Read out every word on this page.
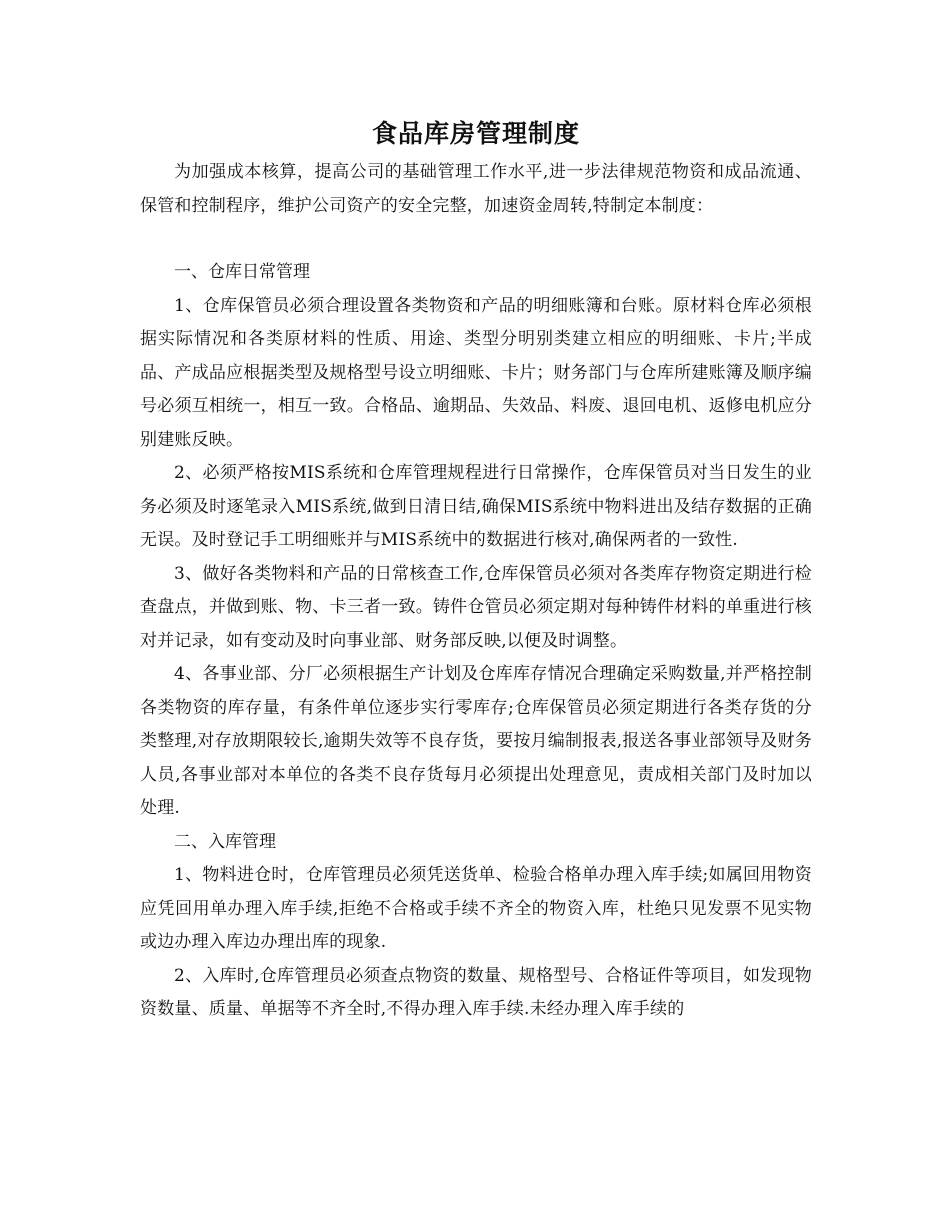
食品库房管理制度

为加强成本核算，提高公司的基础管理工作水平,进一步法律规范物资和成品流通、保管和控制程序，维护公司资产的安全完整，加速资金周转,特制定本制度：

一、仓库日常管理

1、仓库保管员必须合理设置各类物资和产品的明细账簿和台账。原材料仓库必须根据实际情况和各类原材料的性质、用途、类型分明别类建立相应的明细账、卡片;半成品、产成品应根据类型及规格型号设立明细账、卡片；财务部门与仓库所建账簿及顺序编号必须互相统一，相互一致。合格品、逾期品、失效品、料废、退回电机、返修电机应分别建账反映。

2、必须严格按MIS系统和仓库管理规程进行日常操作，仓库保管员对当日发生的业务必须及时逐笔录入MIS系统,做到日清日结,确保MIS系统中物料进出及结存数据的正确无误。及时登记手工明细账并与MIS系统中的数据进行核对,确保两者的一致性.

3、做好各类物料和产品的日常核查工作,仓库保管员必须对各类库存物资定期进行检查盘点，并做到账、物、卡三者一致。铸件仓管员必须定期对每种铸件材料的单重进行核对并记录，如有变动及时向事业部、财务部反映,以便及时调整。

4、各事业部、分厂必须根据生产计划及仓库库存情况合理确定采购数量,并严格控制各类物资的库存量，有条件单位逐步实行零库存;仓库保管员必须定期进行各类存货的分类整理,对存放期限较长,逾期失效等不良存货，要按月编制报表,报送各事业部领导及财务人员,各事业部对本单位的各类不良存货每月必须提出处理意见，责成相关部门及时加以处理.

二、入库管理

1、物料进仓时，仓库管理员必须凭送货单、检验合格单办理入库手续;如属回用物资应凭回用单办理入库手续,拒绝不合格或手续不齐全的物资入库，杜绝只见发票不见实物或边办理入库边办理出库的现象.

2、入库时,仓库管理员必须查点物资的数量、规格型号、合格证件等项目，如发现物资数量、质量、单据等不齐全时,不得办理入库手续.未经办理入库手续的
